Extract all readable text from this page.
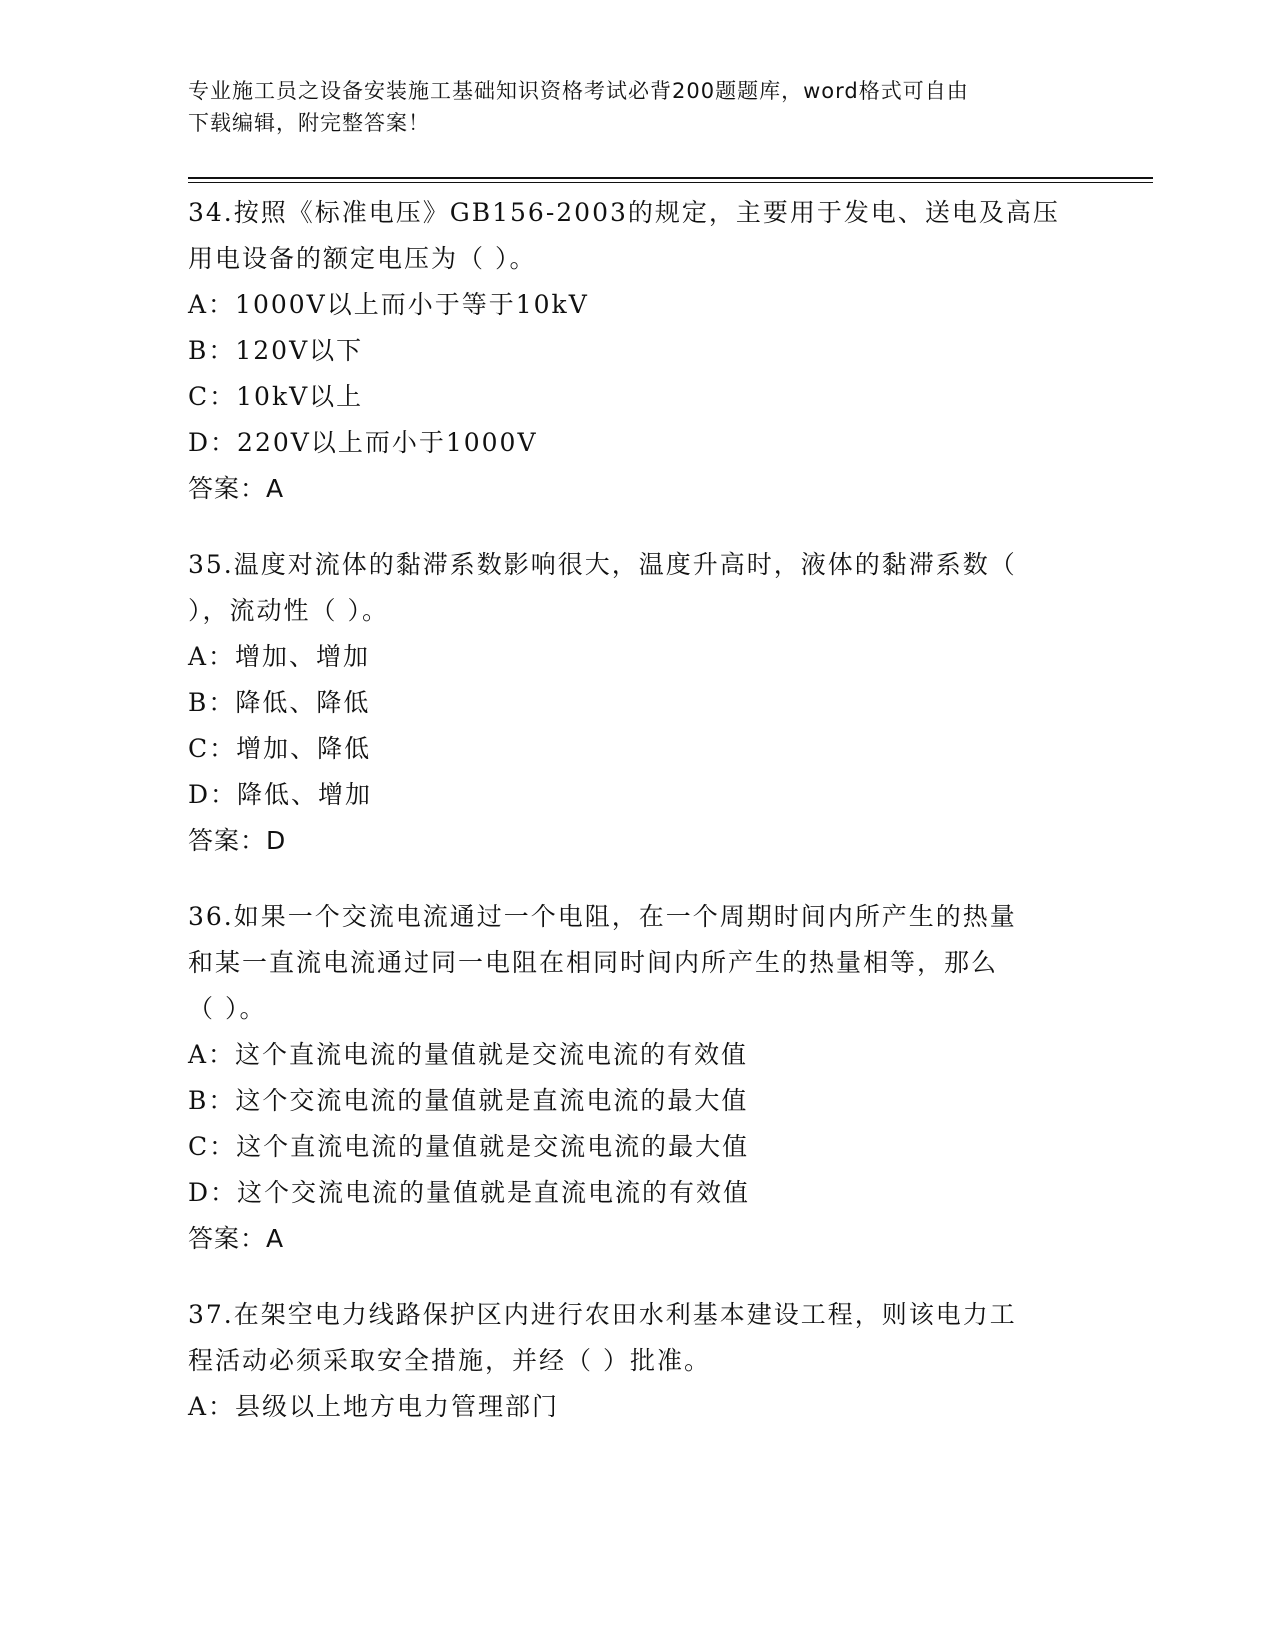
专业施工员之设备安装施工基础知识资格考试必背200题题库，word格式可自由
下载编辑，附完整答案！
34.按照《标准电压》GB156-2003的规定，主要用于发电、送电及高压
用电设备的额定电压为（ ）。
A：1000V以上而小于等于10kV
B：120V以下
C：10kV以上
D：220V以上而小于1000V
答案：A
35.温度对流体的黏滞系数影响很大，温度升高时，液体的黏滞系数（
），流动性（ ）。
A：增加、增加
B：降低、降低
C：增加、降低
D：降低、增加
答案：D
36.如果一个交流电流通过一个电阻，在一个周期时间内所产生的热量
和某一直流电流通过同一电阻在相同时间内所产生的热量相等，那么
（ ）。
A：这个直流电流的量值就是交流电流的有效值
B：这个交流电流的量值就是直流电流的最大值
C：这个直流电流的量值就是交流电流的最大值
D：这个交流电流的量值就是直流电流的有效值
答案：A
37.在架空电力线路保护区内进行农田水利基本建设工程，则该电力工
程活动必须采取安全措施，并经（ ）批准。
A：县级以上地方电力管理部门
